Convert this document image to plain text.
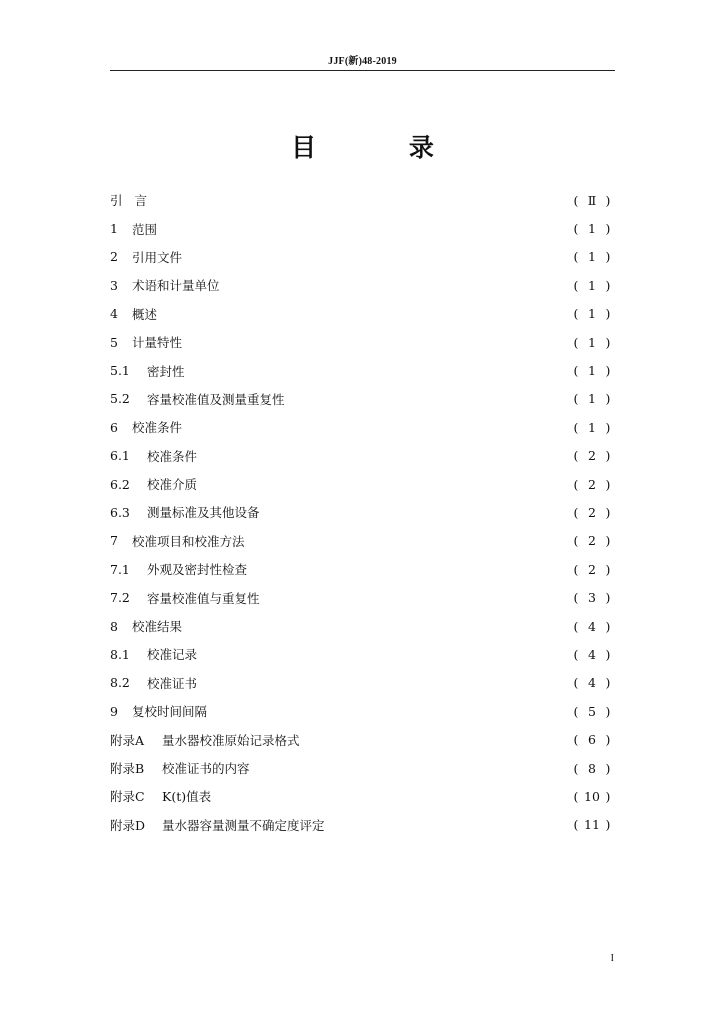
JJF(新)48-2019
目 录
引 言	( Ⅱ )
1	范围	( 1 )
2	引用文件	( 1 )
3	术语和计量单位	( 1 )
4	概述	( 1 )
5	计量特性	( 1 )
5.1	密封性	( 1 )
5.2	容量校准值及测量重复性	( 1 )
6	校准条件	( 1 )
6.1	校准条件	( 2 )
6.2	校准介质	( 2 )
6.3	测量标准及其他设备	( 2 )
7	校准项目和校准方法	( 2 )
7.1	外观及密封性检查	( 2 )
7.2	容量校准值与重复性	( 3 )
8	校准结果	( 4 )
8.1	校准记录	( 4 )
8.2	校准证书	( 4 )
9	复校时间间隔	( 5 )
附录A	量水器校准原始记录格式	( 6 )
附录B	校准证书的内容	( 8 )
附录C	K(t)值表	( 10 )
附录D	量水器容量测量不确定度评定	( 11 )
I
